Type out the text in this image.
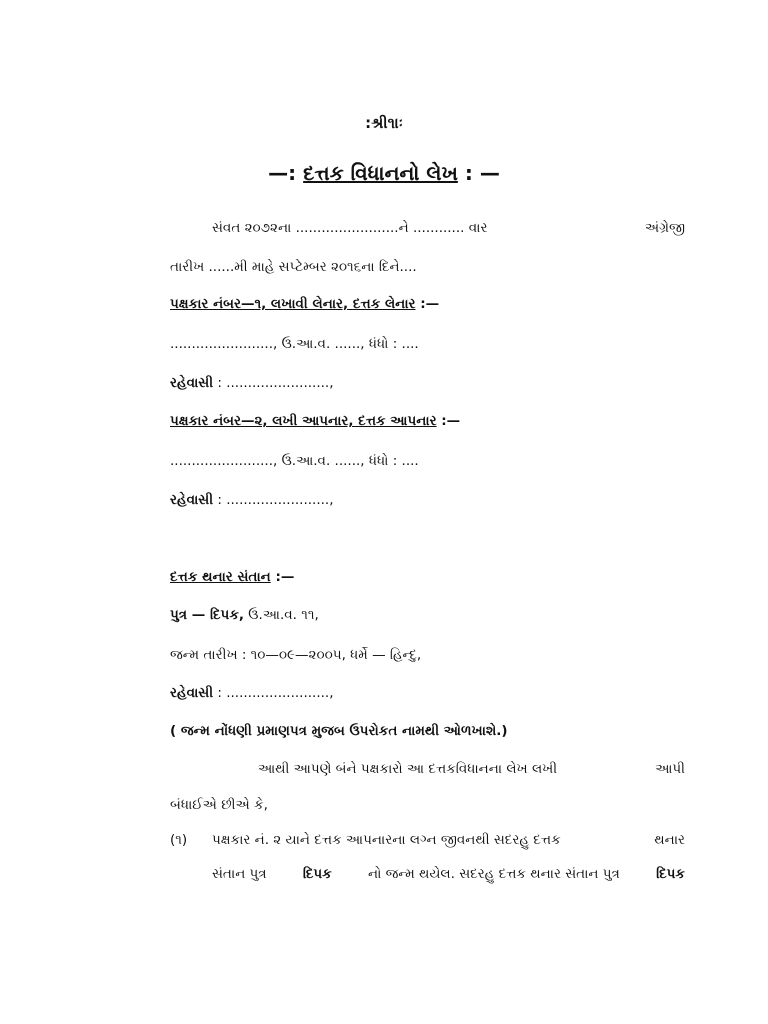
:શ્રી૧ાઃ
—: દત્તક વિધાનનો લેખ : —
સંવત ૨૦૭૨ના ........................ને ............ વાર	અંગ્રેજી
તારીખ ......મી માહે સપ્ટેમ્બર ૨૦૧૬ના દિને....
પક્ષકાર નંબર—૧, લખાવી લેનાર, દત્તક લેનાર :—
........................, ઉ.આ.વ. ......, ધંધો : ....
રહેવાસી : ........................,
પક્ષકાર નંબર—૨, લખી આપનાર, દત્તક આપનાર :—
........................, ઉ.આ.વ. ......, ધંધો : ....
રહેવાસી : ........................,
દત્તક થનાર સંતાન :—
પુત્ર — દિપક, ઉ.આ.વ. ૧૧,
જન્મ તારીખ : ૧૦—૦૯—૨૦૦૫, ધર્મે — હિન્દુ,
રહેવાસી : ........................,
( જન્મ નોંધણી પ્રમાણપત્ર મુજબ ઉપરોકત નામથી ઓળખાશે.)
આથી આપણે બંને પક્ષકારો આ દત્તકવિધાનના લેખ લખી	આપી
બંધાઈએ છીએ કે,
(૧) પક્ષકાર નં. ૨ યાને દત્તક આપનારના લગ્ન જીવનથી સદરહુ દત્તક	થનાર
સંતાન પુત્ર	દિપક	નો જન્મ થયેલ. સદરહુ દત્તક થનાર સંતાન પુત્ર	દિપક
